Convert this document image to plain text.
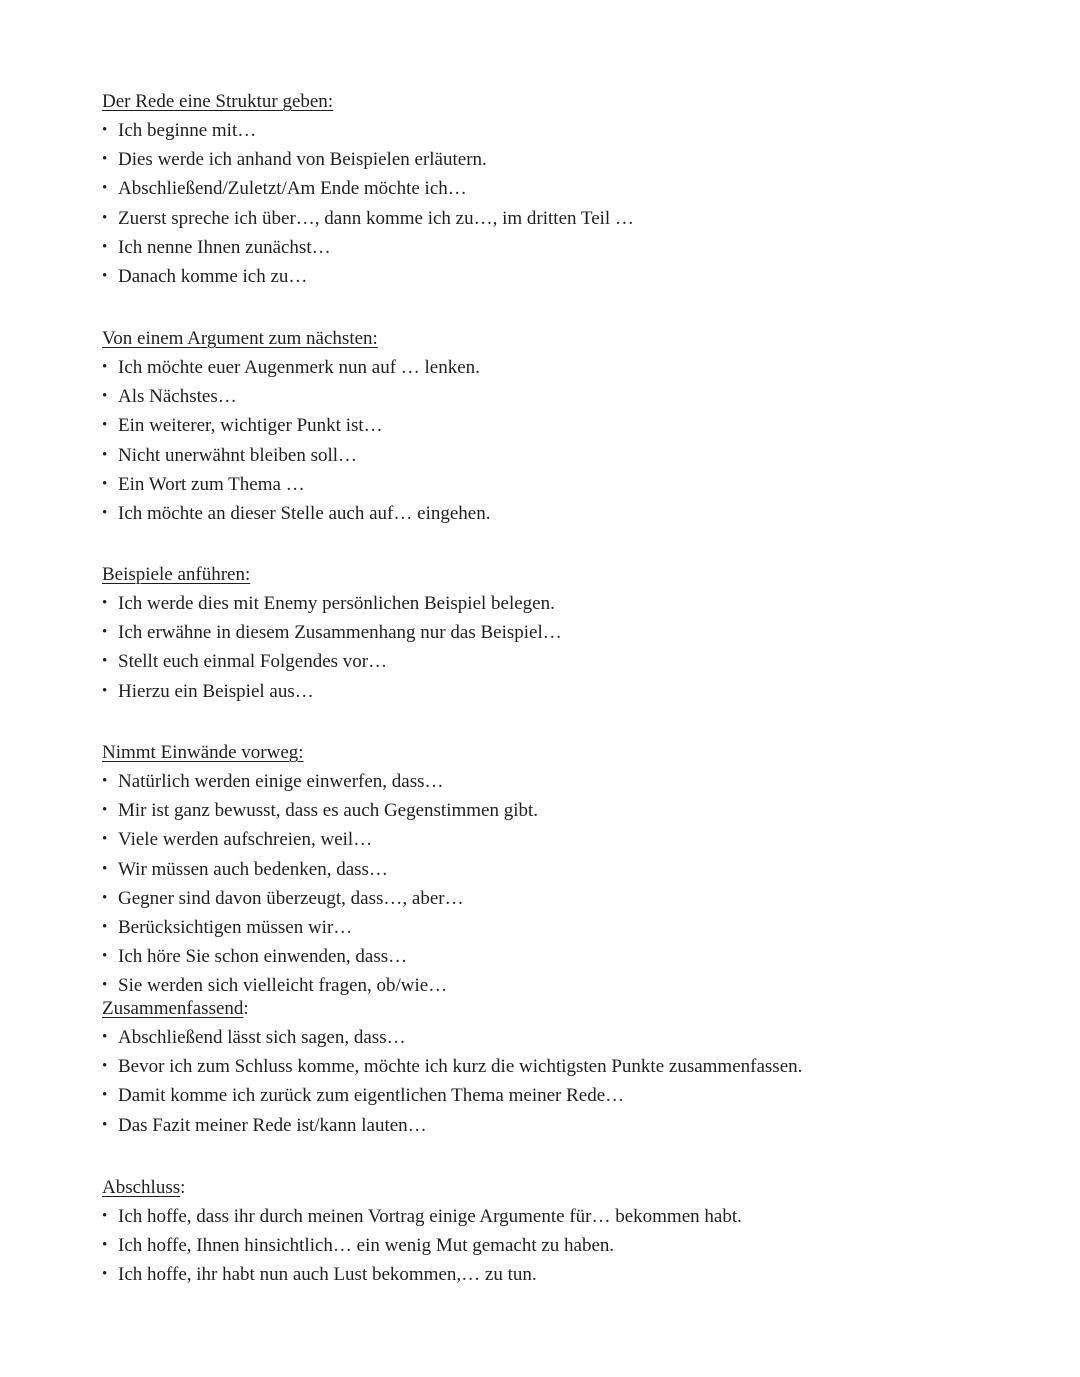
Der Rede eine Struktur geben:
• Ich beginne mit…
• Dies werde ich anhand von Beispielen erläutern.
• Abschließend/Zuletzt/Am Ende möchte ich…
• Zuerst spreche ich über…, dann komme ich zu…, im dritten Teil …
• Ich nenne Ihnen zunächst…
• Danach komme ich zu…
Von einem Argument zum nächsten:
• Ich möchte euer Augenmerk nun auf … lenken.
• Als Nächstes…
• Ein weiterer, wichtiger Punkt ist…
• Nicht unerwähnt bleiben soll…
• Ein Wort zum Thema …
• Ich möchte an dieser Stelle auch auf… eingehen.
Beispiele anführen:
• Ich werde dies mit Enemy persönlichen Beispiel belegen.
• Ich erwähne in diesem Zusammenhang nur das Beispiel…
• Stellt euch einmal Folgendes vor…
• Hierzu ein Beispiel aus…
Nimmt Einwände vorweg:
• Natürlich werden einige einwerfen, dass…
• Mir ist ganz bewusst, dass es auch Gegenstimmen gibt.
• Viele werden aufschreien, weil…
• Wir müssen auch bedenken, dass…
• Gegner sind davon überzeugt, dass…, aber…
• Berücksichtigen müssen wir…
• Ich höre Sie schon einwenden, dass…
• Sie werden sich vielleicht fragen, ob/wie…
Zusammenfassend:
• Abschließend lässt sich sagen, dass…
• Bevor ich zum Schluss komme, möchte ich kurz die wichtigsten Punkte zusammenfassen.
• Damit komme ich zurück zum eigentlichen Thema meiner Rede…
• Das Fazit meiner Rede ist/kann lauten…
Abschluss:
• Ich hoffe, dass ihr durch meinen Vortrag einige Argumente für… bekommen habt.
• Ich hoffe, Ihnen hinsichtlich… ein wenig Mut gemacht zu haben.
• Ich hoffe, ihr habt nun auch Lust bekommen,… zu tun.
